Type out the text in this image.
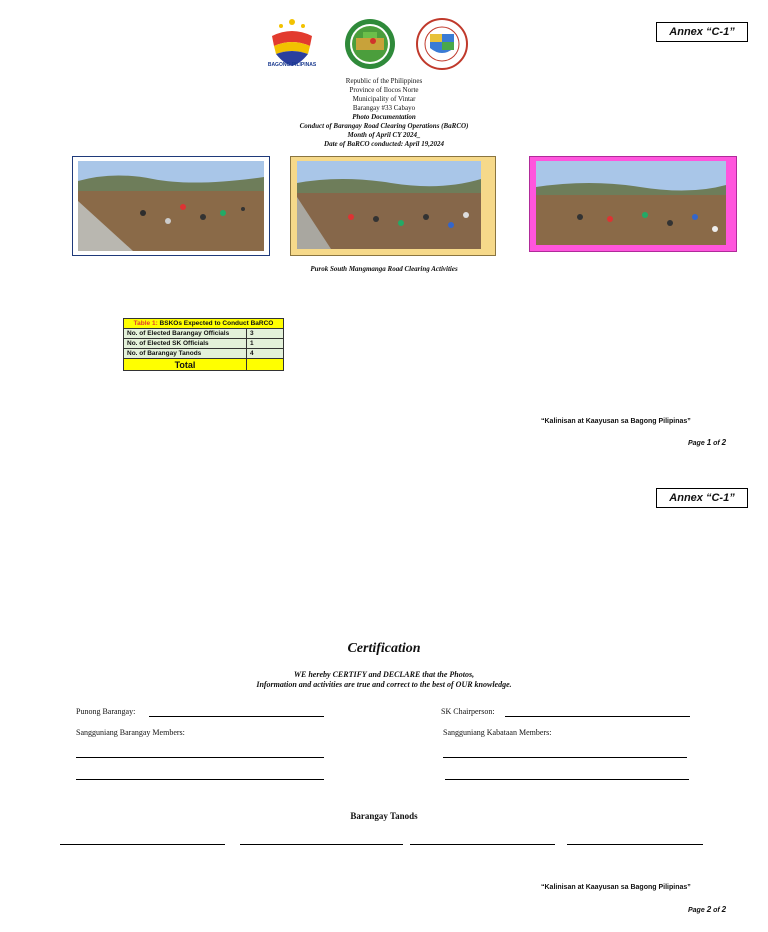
Annex “C-1”
BAGONG PILIPINAS
Republic of the Philippines
Province of Ilocos Norte
Municipality of Vintar
Barangay #33 Cabayo
Photo Documentation
Conduct of Barangay Road Clearing Operations (BaRCO)
Month of April CY 2024_
Date of BaRCO conducted: April 19,2024
Purok South Mangmanga Road Clearing Activities
Table 1: BSKOs Expected to Conduct BaRCO	
No. of Elected Barangay Officials	3
No. of Elected SK Officials	1
No. of Barangay Tanods	4
Total	
“Kalinisan at Kaayusan sa Bagong Pilipinas”
Page 1 of 2
Annex “C-1”
Certification
WE hereby CERTIFY and DECLARE that the Photos,
Information and activities are true and correct to the best of OUR knowledge.
Punong Barangay:
Sangguniang Barangay Members:
SK Chairperson:
Sangguniang Kabataan Members:
Barangay Tanods
“Kalinisan at Kaayusan sa Bagong Pilipinas”
Page 2 of 2
